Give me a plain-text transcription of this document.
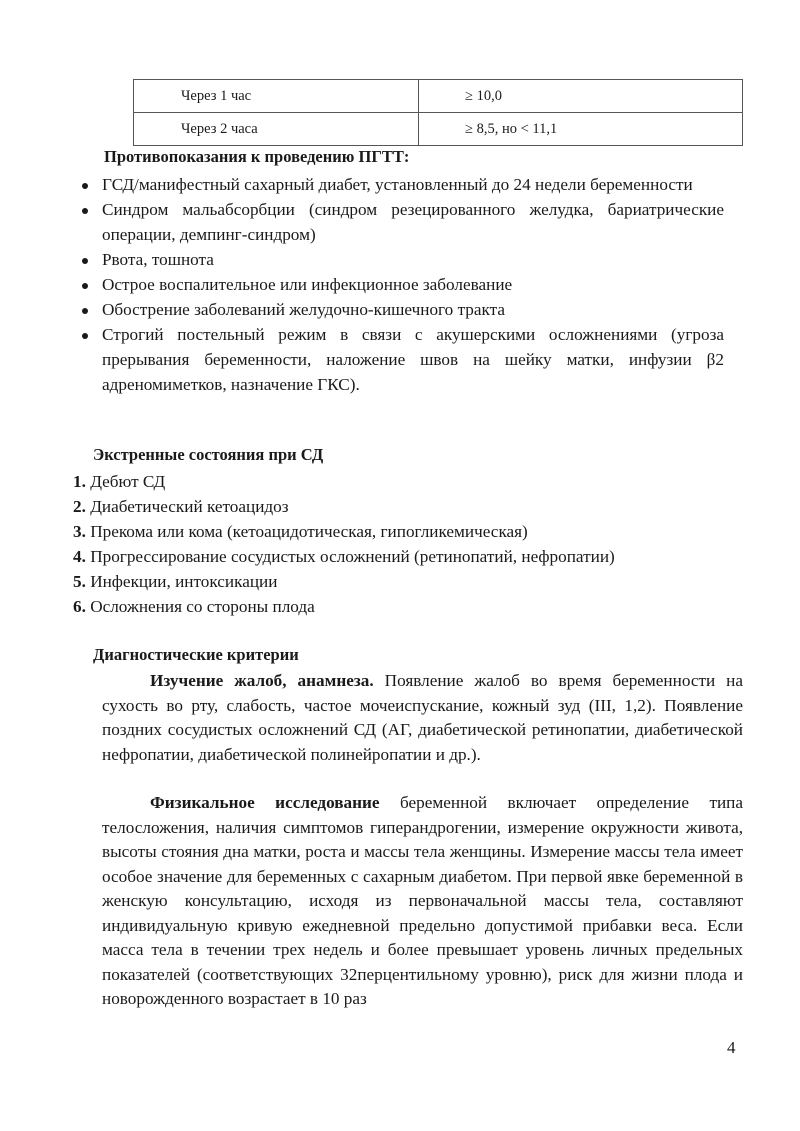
Через 1 час	≥ 10,0
Через 2 часа	≥ 8,5, но < 11,1
Противопоказания к проведению ПГТТ:
ГСД/манифестный сахарный диабет, установленный до 24 недели беременности
Синдром мальабсорбции (синдром резецированного желудка, бариатрические операции, демпинг-синдром)
Рвота, тошнота
Острое воспалительное или инфекционное заболевание
Обострение заболеваний желудочно-кишечного тракта
Строгий постельный режим в связи с акушерскими осложнениями (угроза прерывания беременности, наложение швов на шейку матки, инфузии β2 адреномиметков, назначение ГКС).
Экстренные состояния при СД
1. Дебют СД
2. Диабетический кетоацидоз
3. Прекома или кома (кетоацидотическая, гипогликемическая)
4. Прогрессирование сосудистых осложнений (ретинопатий, нефропатии)
5. Инфекции, интоксикации
6. Осложнения со стороны плода
Диагностические критерии

Изучение жалоб, анамнеза. Появление жалоб во время беременности на сухость во рту, слабость, частое мочеиспускание, кожный зуд (III, 1,2). Появление поздних сосудистых осложнений СД (АГ, диабетической ретинопатии, диабетической нефропатии, диабетической полинейропатии и др.).

Физикальное исследование беременной включает определение типа телосложения, наличия симптомов гиперандрогении, измерение окружности живота, высоты стояния дна матки, роста и массы тела женщины. Измерение массы тела имеет особое значение для беременных с сахарным диабетом. При первой явке беременной в женскую консультацию, исходя из первоначальной массы тела, составляют индивидуальную кривую ежедневной предельно допустимой прибавки веса. Если масса тела в течении трех недель и более превышает уровень личных предельных показателей (соответствующих 32перцентильному уровню), риск для жизни плода и новорожденного возрастает в 10 раз

4
